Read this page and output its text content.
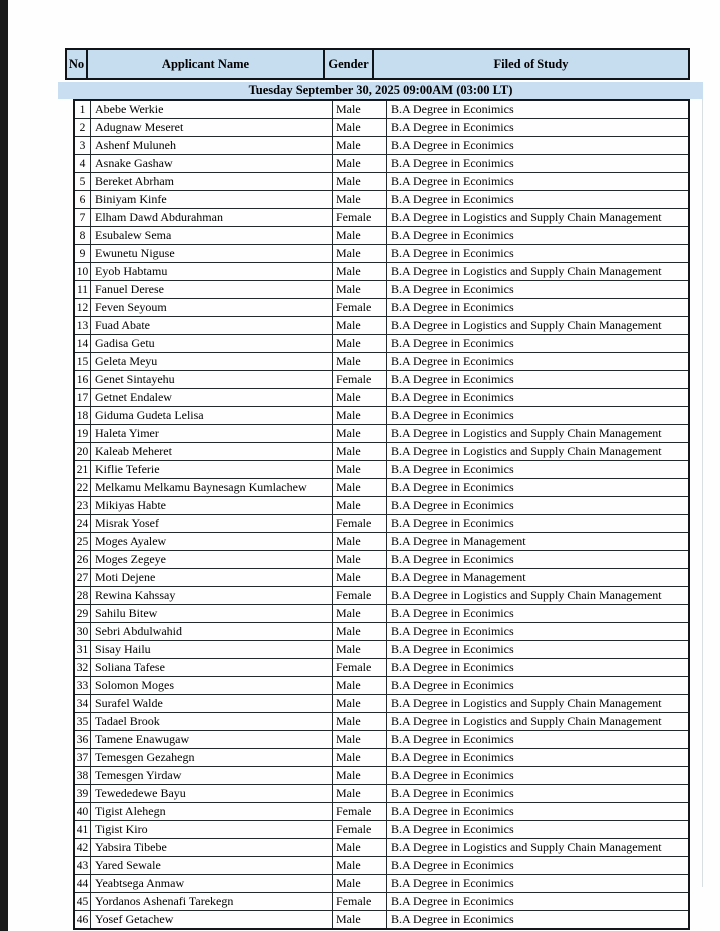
No	Applicant Name	Gender	Filed of Study
Tuesday September 30, 2025 09:00AM (03:00 LT)
1	Abebe Werkie	Male	B.A Degree in Econimics
2	Adugnaw Meseret	Male	B.A Degree in Econimics
3	Ashenf Muluneh	Male	B.A Degree in Econimics
4	Asnake Gashaw	Male	B.A Degree in Econimics
5	Bereket Abrham	Male	B.A Degree in Econimics
6	Biniyam Kinfe	Male	B.A Degree in Econimics
7	Elham Dawd Abdurahman	Female	B.A Degree in Logistics and Supply Chain Management
8	Esubalew Sema	Male	B.A Degree in Econimics
9	Ewunetu Niguse	Male	B.A Degree in Econimics
10	Eyob Habtamu	Male	B.A Degree in Logistics and Supply Chain Management
11	Fanuel Derese	Male	B.A Degree in Econimics
12	Feven Seyoum	Female	B.A Degree in Econimics
13	Fuad Abate	Male	B.A Degree in Logistics and Supply Chain Management
14	Gadisa Getu	Male	B.A Degree in Econimics
15	Geleta Meyu	Male	B.A Degree in Econimics
16	Genet Sintayehu	Female	B.A Degree in Econimics
17	Getnet Endalew	Male	B.A Degree in Econimics
18	Giduma Gudeta Lelisa	Male	B.A Degree in Econimics
19	Haleta Yimer	Male	B.A Degree in Logistics and Supply Chain Management
20	Kaleab Meheret	Male	B.A Degree in Logistics and Supply Chain Management
21	Kiflie Teferie	Male	B.A Degree in Econimics
22	Melkamu Melkamu Baynesagn Kumlachew	Male	B.A Degree in Econimics
23	Mikiyas Habte	Male	B.A Degree in Econimics
24	Misrak Yosef	Female	B.A Degree in Econimics
25	Moges Ayalew	Male	B.A Degree in Management
26	Moges Zegeye	Male	B.A Degree in Econimics
27	Moti Dejene	Male	B.A Degree in Management
28	Rewina Kahssay	Female	B.A Degree in Logistics and Supply Chain Management
29	Sahilu Bitew	Male	B.A Degree in Econimics
30	Sebri Abdulwahid	Male	B.A Degree in Econimics
31	Sisay Hailu	Male	B.A Degree in Econimics
32	Soliana Tafese	Female	B.A Degree in Econimics
33	Solomon Moges	Male	B.A Degree in Econimics
34	Surafel Walde	Male	B.A Degree in Logistics and Supply Chain Management
35	Tadael Brook	Male	B.A Degree in Logistics and Supply Chain Management
36	Tamene Enawugaw	Male	B.A Degree in Econimics
37	Temesgen Gezahegn	Male	B.A Degree in Econimics
38	Temesgen Yirdaw	Male	B.A Degree in Econimics
39	Tewededewe Bayu	Male	B.A Degree in Econimics
40	Tigist Alehegn	Female	B.A Degree in Econimics
41	Tigist Kiro	Female	B.A Degree in Econimics
42	Yabsira Tibebe	Male	B.A Degree in Logistics and Supply Chain Management
43	Yared Sewale	Male	B.A Degree in Econimics
44	Yeabtsega Anmaw	Male	B.A Degree in Econimics
45	Yordanos Ashenafi Tarekegn	Female	B.A Degree in Econimics
46	Yosef Getachew	Male	B.A Degree in Econimics
